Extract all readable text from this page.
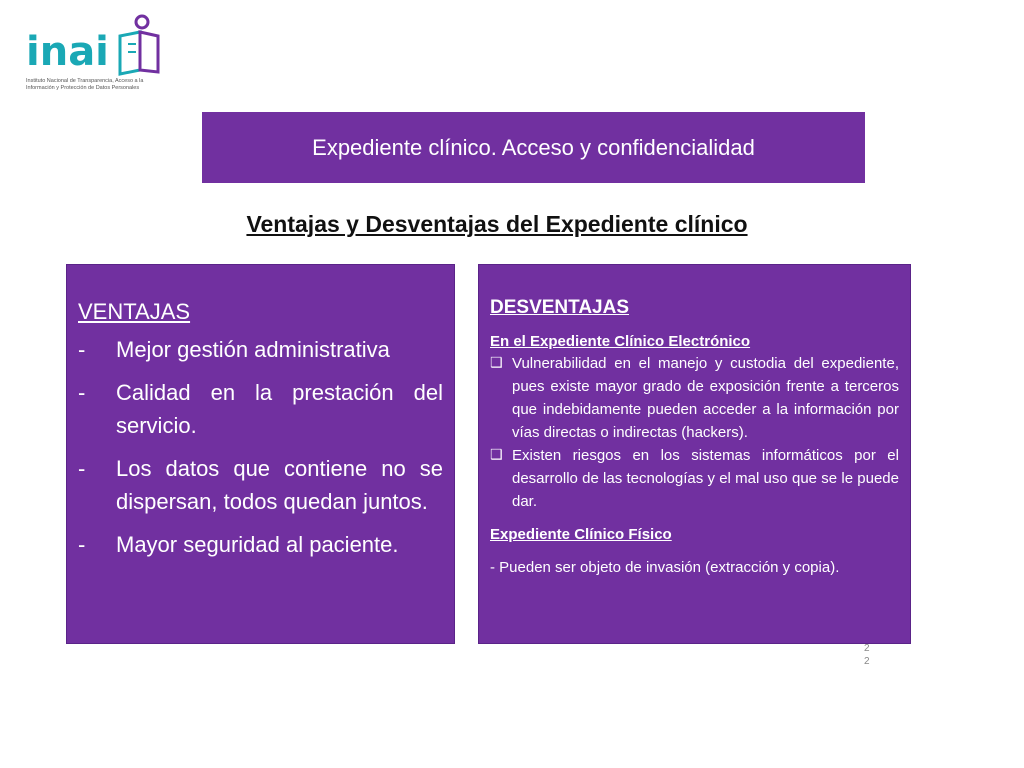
inai
Instituto Nacional de Transparencia, Acceso a la Información y Protección de Datos Personales
Expediente clínico. Acceso y confidencialidad
Ventajas y Desventajas del Expediente clínico
VENTAJAS
-	Mejor gestión administrativa
-	Calidad en la prestación del servicio.
-	Los datos que contiene no se dispersan, todos quedan juntos.
-	Mayor seguridad al paciente.
DESVENTAJAS
En el Expediente Clínico Electrónico
❑ Vulnerabilidad en el manejo y custodia del expediente, pues existe mayor grado de exposición frente a terceros que indebidamente pueden acceder a la información por vías directas o indirectas (hackers).
❑ Existen riesgos en los sistemas informáticos por el desarrollo de las tecnologías y el mal uso que se le puede dar.
Expediente Clínico Físico
- Pueden ser objeto de invasión (extracción y copia).
22
